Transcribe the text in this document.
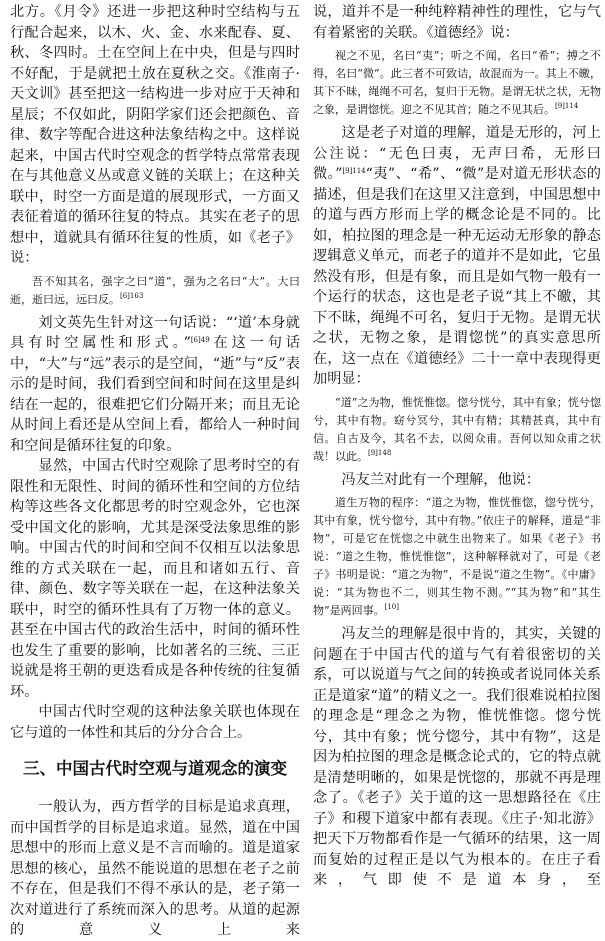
北方。《月令》还进一步把这种时空结构与五行配合起来，以木、火、金、水来配春、夏、秋、冬四时。土在空间上在中央，但是与四时不好配，于是就把土放在夏秋之交。《淮南子·天文训》甚至把这一结构进一步对应于天神和星辰；不仅如此，阴阳学家们还会把颜色、音律、数字等配合进这种法象结构之中。这样说起来，中国古代时空观念的哲学特点常常表现在与其他意义丛或意义链的关联上；在这种关联中，时空一方面是道的展现形式，一方面又表征着道的循环往复的特点。其实在老子的思想中，道就具有循环往复的性质，如《老子》说：

吾不知其名，强字之曰“道”，强为之名曰“大”。大曰逝，逝曰远，远曰反。$^{[6]163}$

刘文英先生针对这一句话说：“‘道’本身就具有时空属性和形式。”$^{[6]49}$在这一句话中，“大”与“远”表示的是空间，“逝”与“反”表示的是时间，我们看到空间和时间在这里是纠结在一起的，很难把它们分隔开来；而且无论从时间上看还是从空间上看，都给人一种时间和空间是循环往复的印象。

显然，中国古代时空观除了思考时空的有限性和无限性、时间的循环性和空间的方位结构等这些各文化都思考的时空观念外，它也深受中国文化的影响，尤其是深受法象思维的影响。中国古代的时间和空间不仅相互以法象思维的方式关联在一起，而且和诸如五行、音律、颜色、数字等关联在一起，在这种法象关联中，时空的循环性具有了万物一体的意义。甚至在中国古代的政治生活中，时间的循环性也发生了重要的影响，比如著名的三统、三正说就是将王朝的更迭看成是各种传统的往复循环。

中国古代时空观的这种法象关联也体现在它与道的一体性和其后的分分合合上。

三、中国古代时空观与道观念的演变

一般认为，西方哲学的目标是追求真理，而中国哲学的目标是追求道。显然，道在中国思想中的形而上意义是不言而喻的。道是道家思想的核心，虽然不能说道的思想在老子之前不存在，但是我们不得不承认的是，老子第一次对道进行了系统而深入的思考。从道的起源的意义上来

说，道并不是一种纯粹精神性的理性，它与气有着紧密的关联。《道德经》说：

视之不见，名曰“夷”；听之不闻，名曰“希”；搏之不得，名曰“微”。此三者不可致诘，故混而为一。其上不皦，其下不昧，绳绳不可名，复归于无物。是谓无状之状，无物之象，是谓惚恍。迎之不见其首；随之不见其后。$^{[9]114}$

这是老子对道的理解，道是无形的，河上公注说：“无色曰夷，无声曰希，无形曰微。”$^{[9]114}$“夷”、“希”、“微”是对道无形状态的描述，但是我们在这里又注意到，中国思想中的道与西方形而上学的概念论是不同的。比如，柏拉图的理念是一种无运动无形象的静态逻辑意义单元，而老子的道并不是如此，它虽然没有形，但是有象，而且是如气物一般有一个运行的状态，这也是老子说“其上不皦，其下不昧，绳绳不可名，复归于无物。是谓无状之状，无物之象，是谓惚恍”的真实意思所在，这一点在《道德经》二十一章中表现得更加明显：

“道”之为物，惟恍惟惚。惚兮恍兮，其中有象；恍兮惚兮，其中有物。窈兮冥兮，其中有精；其精甚真，其中有信。自古及今，其名不去，以阅众甫。吾何以知众甫之状哉！以此。$^{[9]148}$

冯友兰对此有一个理解，他说：

道生万物的程序：“道之为物，惟恍惟惚，惚兮恍兮，其中有象，恍兮惚兮，其中有物。”依庄子的解释，道是“非物”，可是它在恍惚之中就生出物来了。如果《老子》书说：“道之生物，惟恍惟惚”，这种解释就对了，可是《老子》书明是说：“道之为物”，不是说“道之生物”。《中庸》说：“其为物也不二，则其生物不测。”“其为物”和“其生物”是两回事。[10]

冯友兰的理解是很中肯的，其实，关键的问题在于中国古代的道与气有着很密切的关系，可以说道与气之间的转换或者说同体关系正是道家“道”的精义之一。我们很难说柏拉图的理念是“理念之为物，惟恍惟惚。惚兮恍兮，其中有象；恍兮惚兮，其中有物”，这是因为柏拉图的理念是概念论式的，它的特点就是清楚明晰的，如果是恍惚的，那就不再是理念了。《老子》关于道的这一思想路径在《庄子》和稷下道家中都有表现。《庄子·知北游》把天下万物都看作是一气循环的结果，这一周而复始的过程正是以气为根本的。在庄子看来，气即使不是道本身，至
